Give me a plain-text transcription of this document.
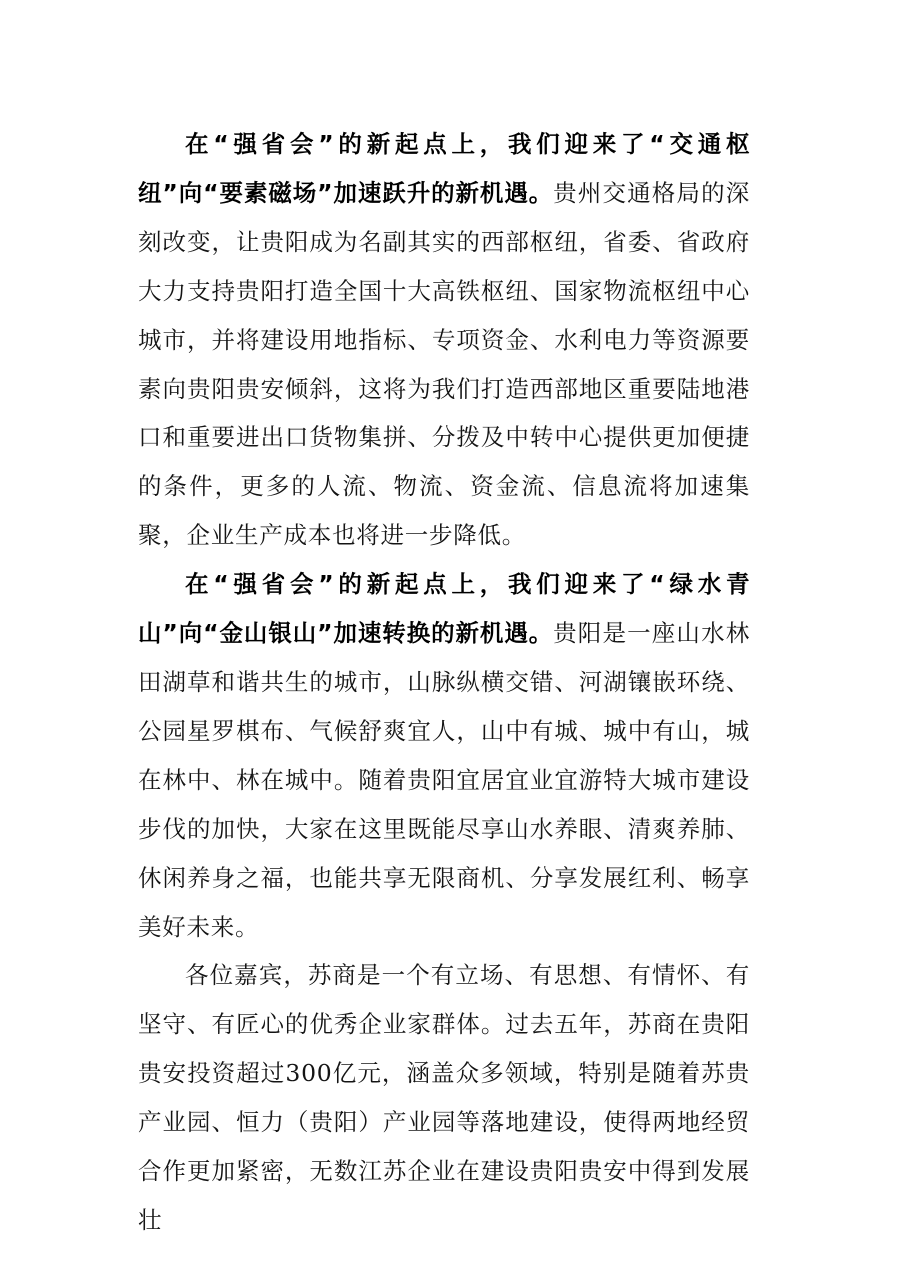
在“强省会”的新起点上，我们迎来了“交通枢纽”向“要素磁场”加速跃升的新机遇。贵州交通格局的深刻改变，让贵阳成为名副其实的西部枢纽，省委、省政府大力支持贵阳打造全国十大高铁枢纽、国家物流枢纽中心城市，并将建设用地指标、专项资金、水利电力等资源要素向贵阳贵安倾斜，这将为我们打造西部地区重要陆地港口和重要进出口货物集拼、分拨及中转中心提供更加便捷的条件，更多的人流、物流、资金流、信息流将加速集聚，企业生产成本也将进一步降低。

在“强省会”的新起点上，我们迎来了“绿水青山”向“金山银山”加速转换的新机遇。贵阳是一座山水林田湖草和谐共生的城市，山脉纵横交错、河湖镶嵌环绕、公园星罗棋布、气候舒爽宜人，山中有城、城中有山，城在林中、林在城中。随着贵阳宜居宜业宜游特大城市建设步伐的加快，大家在这里既能尽享山水养眼、清爽养肺、休闲养身之福，也能共享无限商机、分享发展红利、畅享美好未来。

各位嘉宾，苏商是一个有立场、有思想、有情怀、有坚守、有匠心的优秀企业家群体。过去五年，苏商在贵阳贵安投资超过300亿元，涵盖众多领域，特别是随着苏贵产业园、恒力（贵阳）产业园等落地建设，使得两地经贸合作更加紧密，无数江苏企业在建设贵阳贵安中得到发展壮
